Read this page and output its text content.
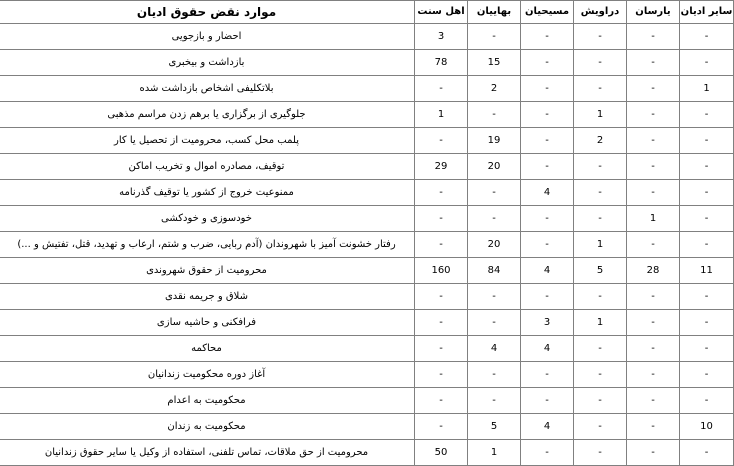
سایر ادیان	یارسان	دراویش	مسیحیان	بهاییان	اهل سنت	موارد نقض حقوق ادیان
-	-	-	-	-	3	احضار و بازجویی
-	-	-	-	15	78	بازداشت و بیخبری
1	-	-	-	2	-	بلاتکلیفی اشخاص بازداشت شده
-	-	1	-	-	1	جلوگیری از برگزاری یا برهم زدن مراسم مذهبی
-	-	2	-	19	-	پلمب محل کسب، محرومیت از تحصیل یا کار
-	-	-	-	20	29	توقیف، مصادره اموال و تخریب اماکن
-	-	-	4	-	-	ممنوعیت خروج از کشور یا توقیف گذرنامه
-	1	-	-	-	-	خودسوزی و خودکشی
-	-	1	-	20	-	رفتار خشونت آمیز با شهروندان (آدم ربایی، ضرب و شتم، ارعاب و تهدید، قتل، تفتیش و ...)
11	28	5	4	84	160	محرومیت از حقوق شهروندی
-	-	-	-	-	-	شلاق و جریمه نقدی
-	-	1	3	-	-	فرافکنی و حاشیه سازی
-	-	-	4	4	-	محاکمه
-	-	-	-	-	-	آغاز دوره محکومیت زندانیان
-	-	-	-	-	-	محکومیت به اعدام
10	-	-	4	5	-	محکومیت به زندان
-	-	-	-	1	50	محرومیت از حق ملاقات، تماس تلفنی، استفاده از وکیل یا سایر حقوق زندانیان
